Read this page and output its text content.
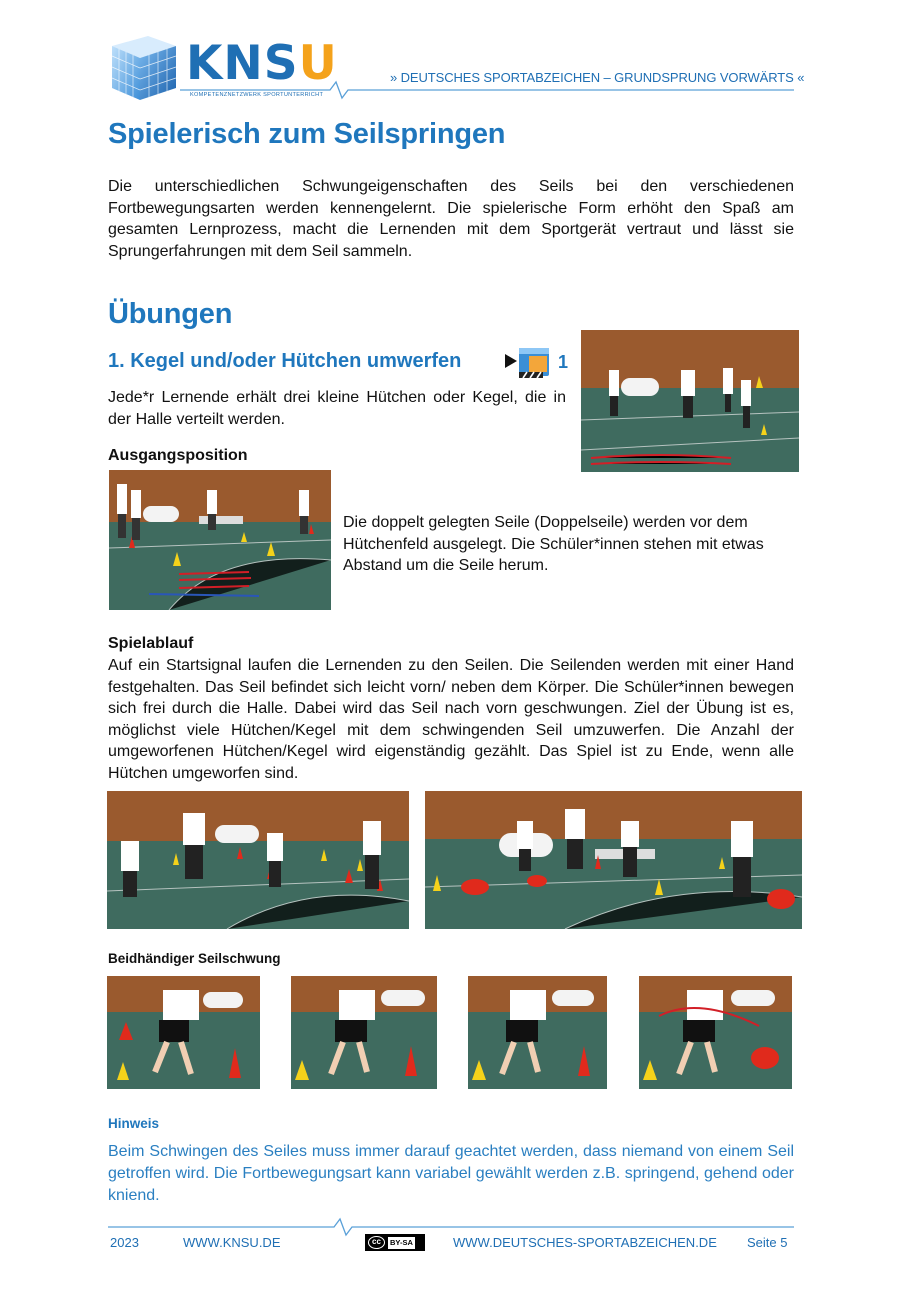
KNSU
KOMPETENZNETZWERK SPORTUNTERRICHT
» DEUTSCHES SPORTABZEICHEN – GRUNDSPRUNG VORWÄRTS «
Spielerisch zum Seilspringen
Die unterschiedlichen Schwungeigenschaften des Seils bei den verschiedenen Fortbewegungsarten werden kennengelernt. Die spielerische Form erhöht den Spaß am gesamten Lernprozess, macht die Lernenden mit dem Sportgerät vertraut und lässt sie Sprungerfahrungen mit dem Seil sammeln.
Übungen
1. Kegel und/oder Hütchen umwerfen	1
Jede*r Lernende erhält drei kleine Hütchen oder Kegel, die in der Halle verteilt werden.
Ausgangsposition
Die doppelt gelegten Seile (Doppelseile) werden vor dem Hütchenfeld ausgelegt. Die Schüler*innen stehen mit etwas Abstand um die Seile herum.
Spielablauf
Auf ein Startsignal laufen die Lernenden zu den Seilen. Die Seilenden werden mit einer Hand festgehalten. Das Seil befindet sich leicht vorn/ neben dem Körper. Die Schüler*innen bewegen sich frei durch die Halle. Dabei wird das Seil nach vorn geschwungen. Ziel der Übung ist es, möglichst viele Hütchen/Kegel mit dem schwingenden Seil umzuwerfen. Die Anzahl der umgeworfenen Hütchen/Kegel wird eigenständig gezählt. Das Spiel ist zu Ende, wenn alle Hütchen umgeworfen sind.
Beidhändiger Seilschwung
Hinweis
Beim Schwingen des Seiles muss immer darauf geachtet werden, dass niemand von einem Seil getroffen wird. Die Fortbewegungsart kann variabel gewählt werden z.B. springend, gehend oder kniend.
2023	WWW.KNSU.DE	cc	BY-SA	WWW.DEUTSCHES-SPORTABZEICHEN.DE Seite 5
